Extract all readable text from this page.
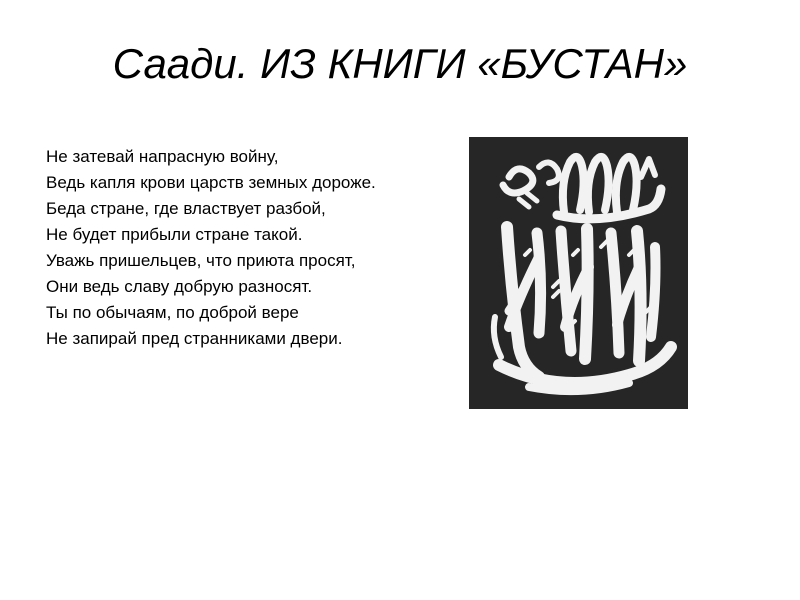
Саади. ИЗ КНИГИ «БУСТАН»
Не затевай напрасную войну,
Ведь капля крови царств земных дороже.
Беда стране, где властвует разбой,
Не будет прибыли стране такой.
Уважь пришельцев, что приюта просят,
Они ведь славу добрую разносят.
Ты по обычаям, по доброй вере
Не запирай пред странниками двери.
